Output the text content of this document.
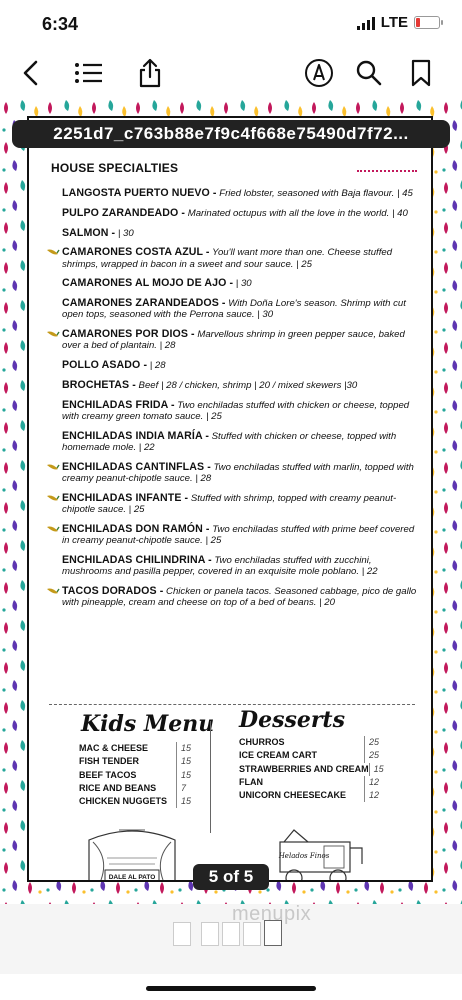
6:34	LTE
HOUSE SPECIALTIES
LANGOSTA PUERTO NUEVO - Fried lobster, seasoned with Baja flavour. | 45
PULPO ZARANDEADO - Marinated octupus with all the love in the world. | 40
SALMON - | 30
CAMARONES COSTA AZUL - You'll want more than one. Cheese stuffed shrimps, wrapped in bacon in a sweet and sour sauce. | 25
CAMARONES AL MOJO DE AJO - | 30
CAMARONES ZARANDEADOS - With Doña Lore's season. Shrimp with cut open tops, seasoned with the Perrona sauce. | 30
CAMARONES POR DIOS - Marvellous shrimp in green pepper sauce, baked over a bed of plantain. | 28
POLLO ASADO - | 28
BROCHETAS - Beef | 28 / chicken, shrimp | 20 / mixed skewers |30
ENCHILADAS FRIDA - Two enchiladas stuffed with chicken or cheese, topped with creamy green tomato sauce. | 25
ENCHILADAS INDIA MARÍA - Stuffed with chicken or cheese, topped with homemade mole. | 22
ENCHILADAS CANTINFLAS - Two enchiladas stuffed with marlin, topped with creamy peanut-chipotle sauce. | 28
ENCHILADAS INFANTE - Stuffed with shrimp, topped with creamy peanut-chipotle sauce. | 25
ENCHILADAS DON RAMÓN - Two enchiladas stuffed with prime beef covered in creamy peanut-chipotle sauce. | 25
ENCHILADAS CHILINDRINA - Two enchiladas stuffed with zucchini, mushrooms and pasilla pepper, covered in an exquisite mole poblano. | 22
TACOS DORADOS - Chicken or panela tacos. Seasoned cabbage, pico de gallo with pineapple, cream and cheese on top of a bed of beans. | 20
Kids Menu Desserts
MAC & CHEESE	15
FISH TENDER	15
BEEF TACOS	15
RICE AND BEANS	7
CHICKEN NUGGETS	15
CHURROS	25
ICE CREAM CART	25
STRAWBERRIES AND CREAM 15
FLAN	12
UNICORN CHEESECAKE	12
DALE AL PATO
Helados Finos
2251d7_c763b88e7f9c4f668e75490d7f72...
5 of 5
menupix
